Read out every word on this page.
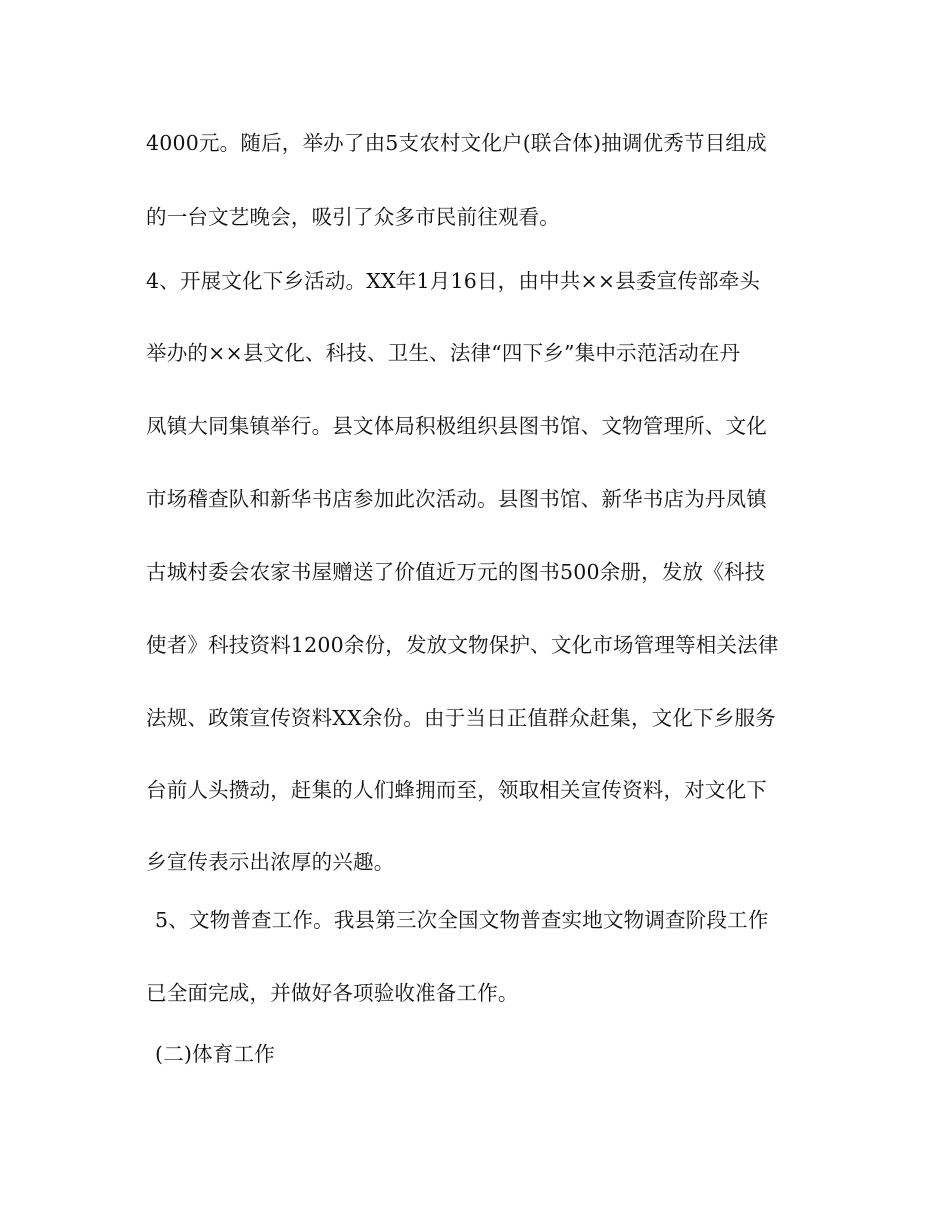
4000元。随后，举办了由5支农村文化户(联合体)抽调优秀节目组成
的一台文艺晚会，吸引了众多市民前往观看。
4、开展文化下乡活动。XX年1月16日，由中共××县委宣传部牵头
举办的××县文化、科技、卫生、法律“四下乡”集中示范活动在丹
凤镇大同集镇举行。县文体局积极组织县图书馆、文物管理所、文化
市场稽查队和新华书店参加此次活动。县图书馆、新华书店为丹凤镇
古城村委会农家书屋赠送了价值近万元的图书500余册，发放《科技
使者》科技资料1200余份，发放文物保护、文化市场管理等相关法律
法规、政策宣传资料XX余份。由于当日正值群众赶集，文化下乡服务
台前人头攒动，赶集的人们蜂拥而至，领取相关宣传资料，对文化下
乡宣传表示出浓厚的兴趣。
5、文物普查工作。我县第三次全国文物普查实地文物调查阶段工作
已全面完成，并做好各项验收准备工作。
(二)体育工作
